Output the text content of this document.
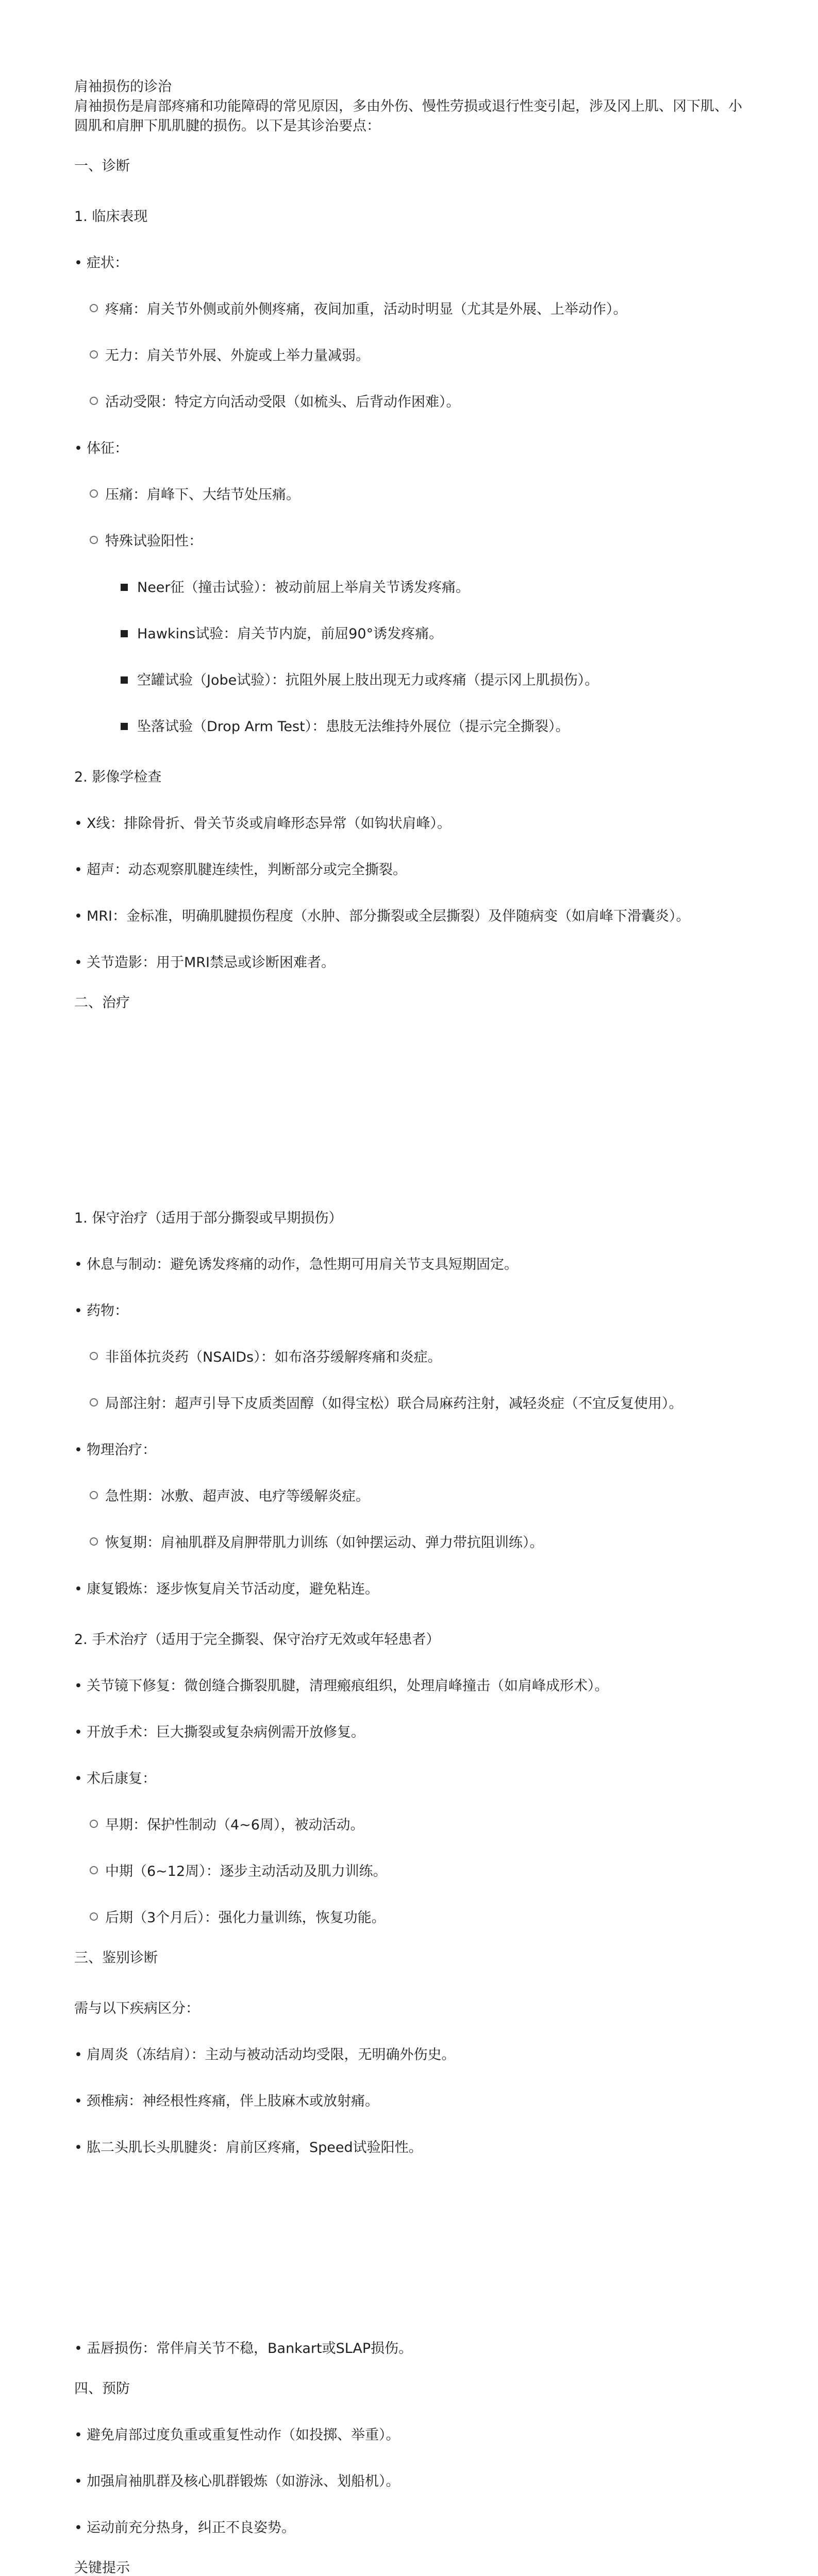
肩袖损伤的诊治

肩袖损伤是肩部疼痛和功能障碍的常见原因，多由外伤、慢性劳损或退行性变引起，涉及冈上肌、冈下肌、小圆肌和肩胛下肌肌腱的损伤。以下是其诊治要点：

一、诊断

1. 临床表现

• 症状：

疼痛：肩关节外侧或前外侧疼痛，夜间加重，活动时明显（尤其是外展、上举动作）。

无力：肩关节外展、外旋或上举力量减弱。

活动受限：特定方向活动受限（如梳头、后背动作困难）。

• 体征：

压痛：肩峰下、大结节处压痛。

特殊试验阳性：

Neer征（撞击试验）：被动前屈上举肩关节诱发疼痛。

Hawkins试验：肩关节内旋，前屈90°诱发疼痛。

空罐试验（Jobe试验）：抗阻外展上肢出现无力或疼痛（提示冈上肌损伤）。

坠落试验（Drop Arm Test）：患肢无法维持外展位（提示完全撕裂）。

2. 影像学检查

• X线：排除骨折、骨关节炎或肩峰形态异常（如钩状肩峰）。

• 超声：动态观察肌腱连续性，判断部分或完全撕裂。

• MRI：金标准，明确肌腱损伤程度（水肿、部分撕裂或全层撕裂）及伴随病变（如肩峰下滑囊炎）。

• 关节造影：用于MRI禁忌或诊断困难者。

二、治疗

1. 保守治疗（适用于部分撕裂或早期损伤）

• 休息与制动：避免诱发疼痛的动作，急性期可用肩关节支具短期固定。

• 药物：

非甾体抗炎药（NSAIDs）：如布洛芬缓解疼痛和炎症。

局部注射：超声引导下皮质类固醇（如得宝松）联合局麻药注射，减轻炎症（不宜反复使用）。

• 物理治疗：

急性期：冰敷、超声波、电疗等缓解炎症。

恢复期：肩袖肌群及肩胛带肌力训练（如钟摆运动、弹力带抗阻训练）。

• 康复锻炼：逐步恢复肩关节活动度，避免粘连。

2. 手术治疗（适用于完全撕裂、保守治疗无效或年轻患者）

• 关节镜下修复：微创缝合撕裂肌腱，清理瘢痕组织，处理肩峰撞击（如肩峰成形术）。

• 开放手术：巨大撕裂或复杂病例需开放修复。

• 术后康复：

早期：保护性制动（4~6周），被动活动。

中期（6~12周）：逐步主动活动及肌力训练。

后期（3个月后）：强化力量训练，恢复功能。

三、鉴别诊断

需与以下疾病区分：

• 肩周炎（冻结肩）：主动与被动活动均受限，无明确外伤史。

• 颈椎病：神经根性疼痛，伴上肢麻木或放射痛。

• 肱二头肌长头肌腱炎：肩前区疼痛，Speed试验阳性。

• 盂唇损伤：常伴肩关节不稳，Bankart或SLAP损伤。

四、预防

• 避免肩部过度负重或重复性动作（如投掷、举重）。

• 加强肩袖肌群及核心肌群锻炼（如游泳、划船机）。

• 运动前充分热身，纠正不良姿势。

关键提示
